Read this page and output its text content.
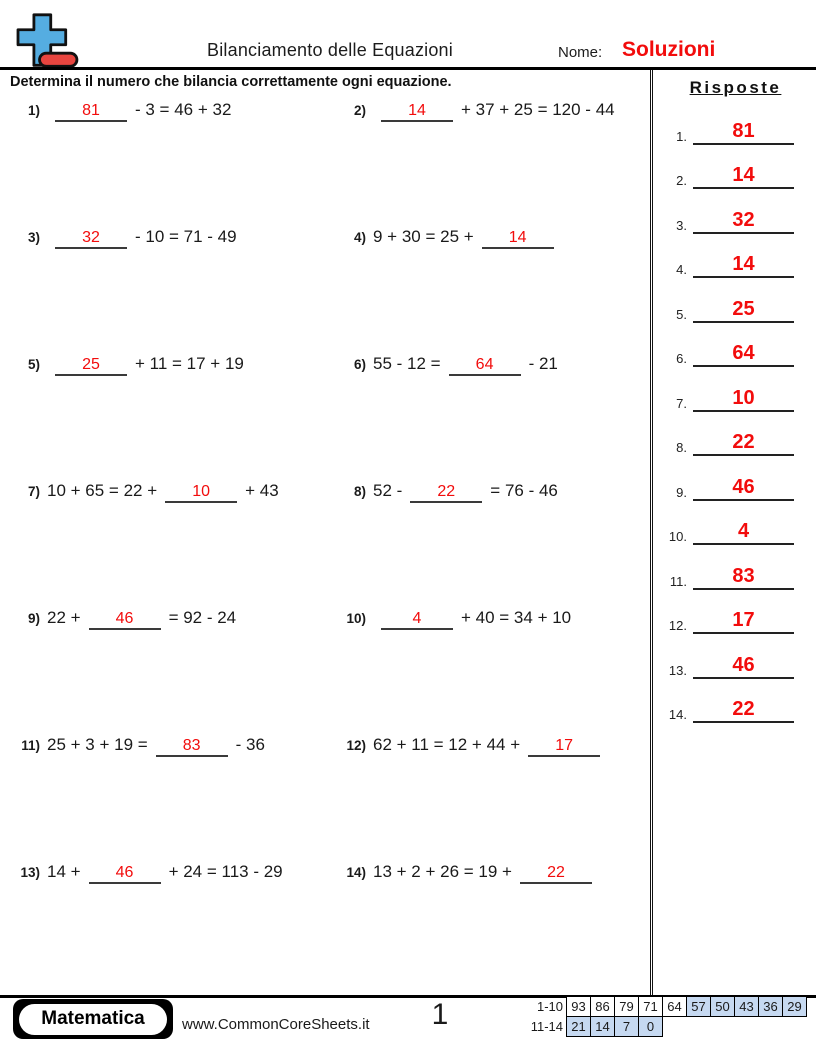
Bilanciamento delle Equazioni	Nome: Soluzioni
Determina il numero che bilancia correttamente ogni equazione.
1)	81	- 3 = 46 + 32	2)	14	+ 37 + 25 = 120 - 44
3)	32	- 10 = 71 - 49	4) 9 + 30 = 25 +	14
5)	25	+ 11 = 17 + 19	6) 55 - 12 =	64	- 21
7) 10 + 65 = 22 +	10	+ 43	8) 52 -	22	= 76 - 46
9) 22 +	46	= 92 - 24	10)	4	+ 40 = 34 + 10
11) 25 + 3 + 19 =	83	- 36	12) 62 + 11 = 12 + 44 +	17
13) 14 +	46	+ 24 = 113 - 29	14) 13 + 2 + 26 = 19 +	22
Risposte
1.	81
2.	14
3.	32
4.	14
5.	25
6.	64
7.	10
8.	22
9.	46
10.	4
11.	83
12.	17
13.	46
14.	22
Matematica	www.CommonCoreSheets.it	1	1-10 93 86 79 71 64 57 50 43 36 29
11-14 21 14	7	0
